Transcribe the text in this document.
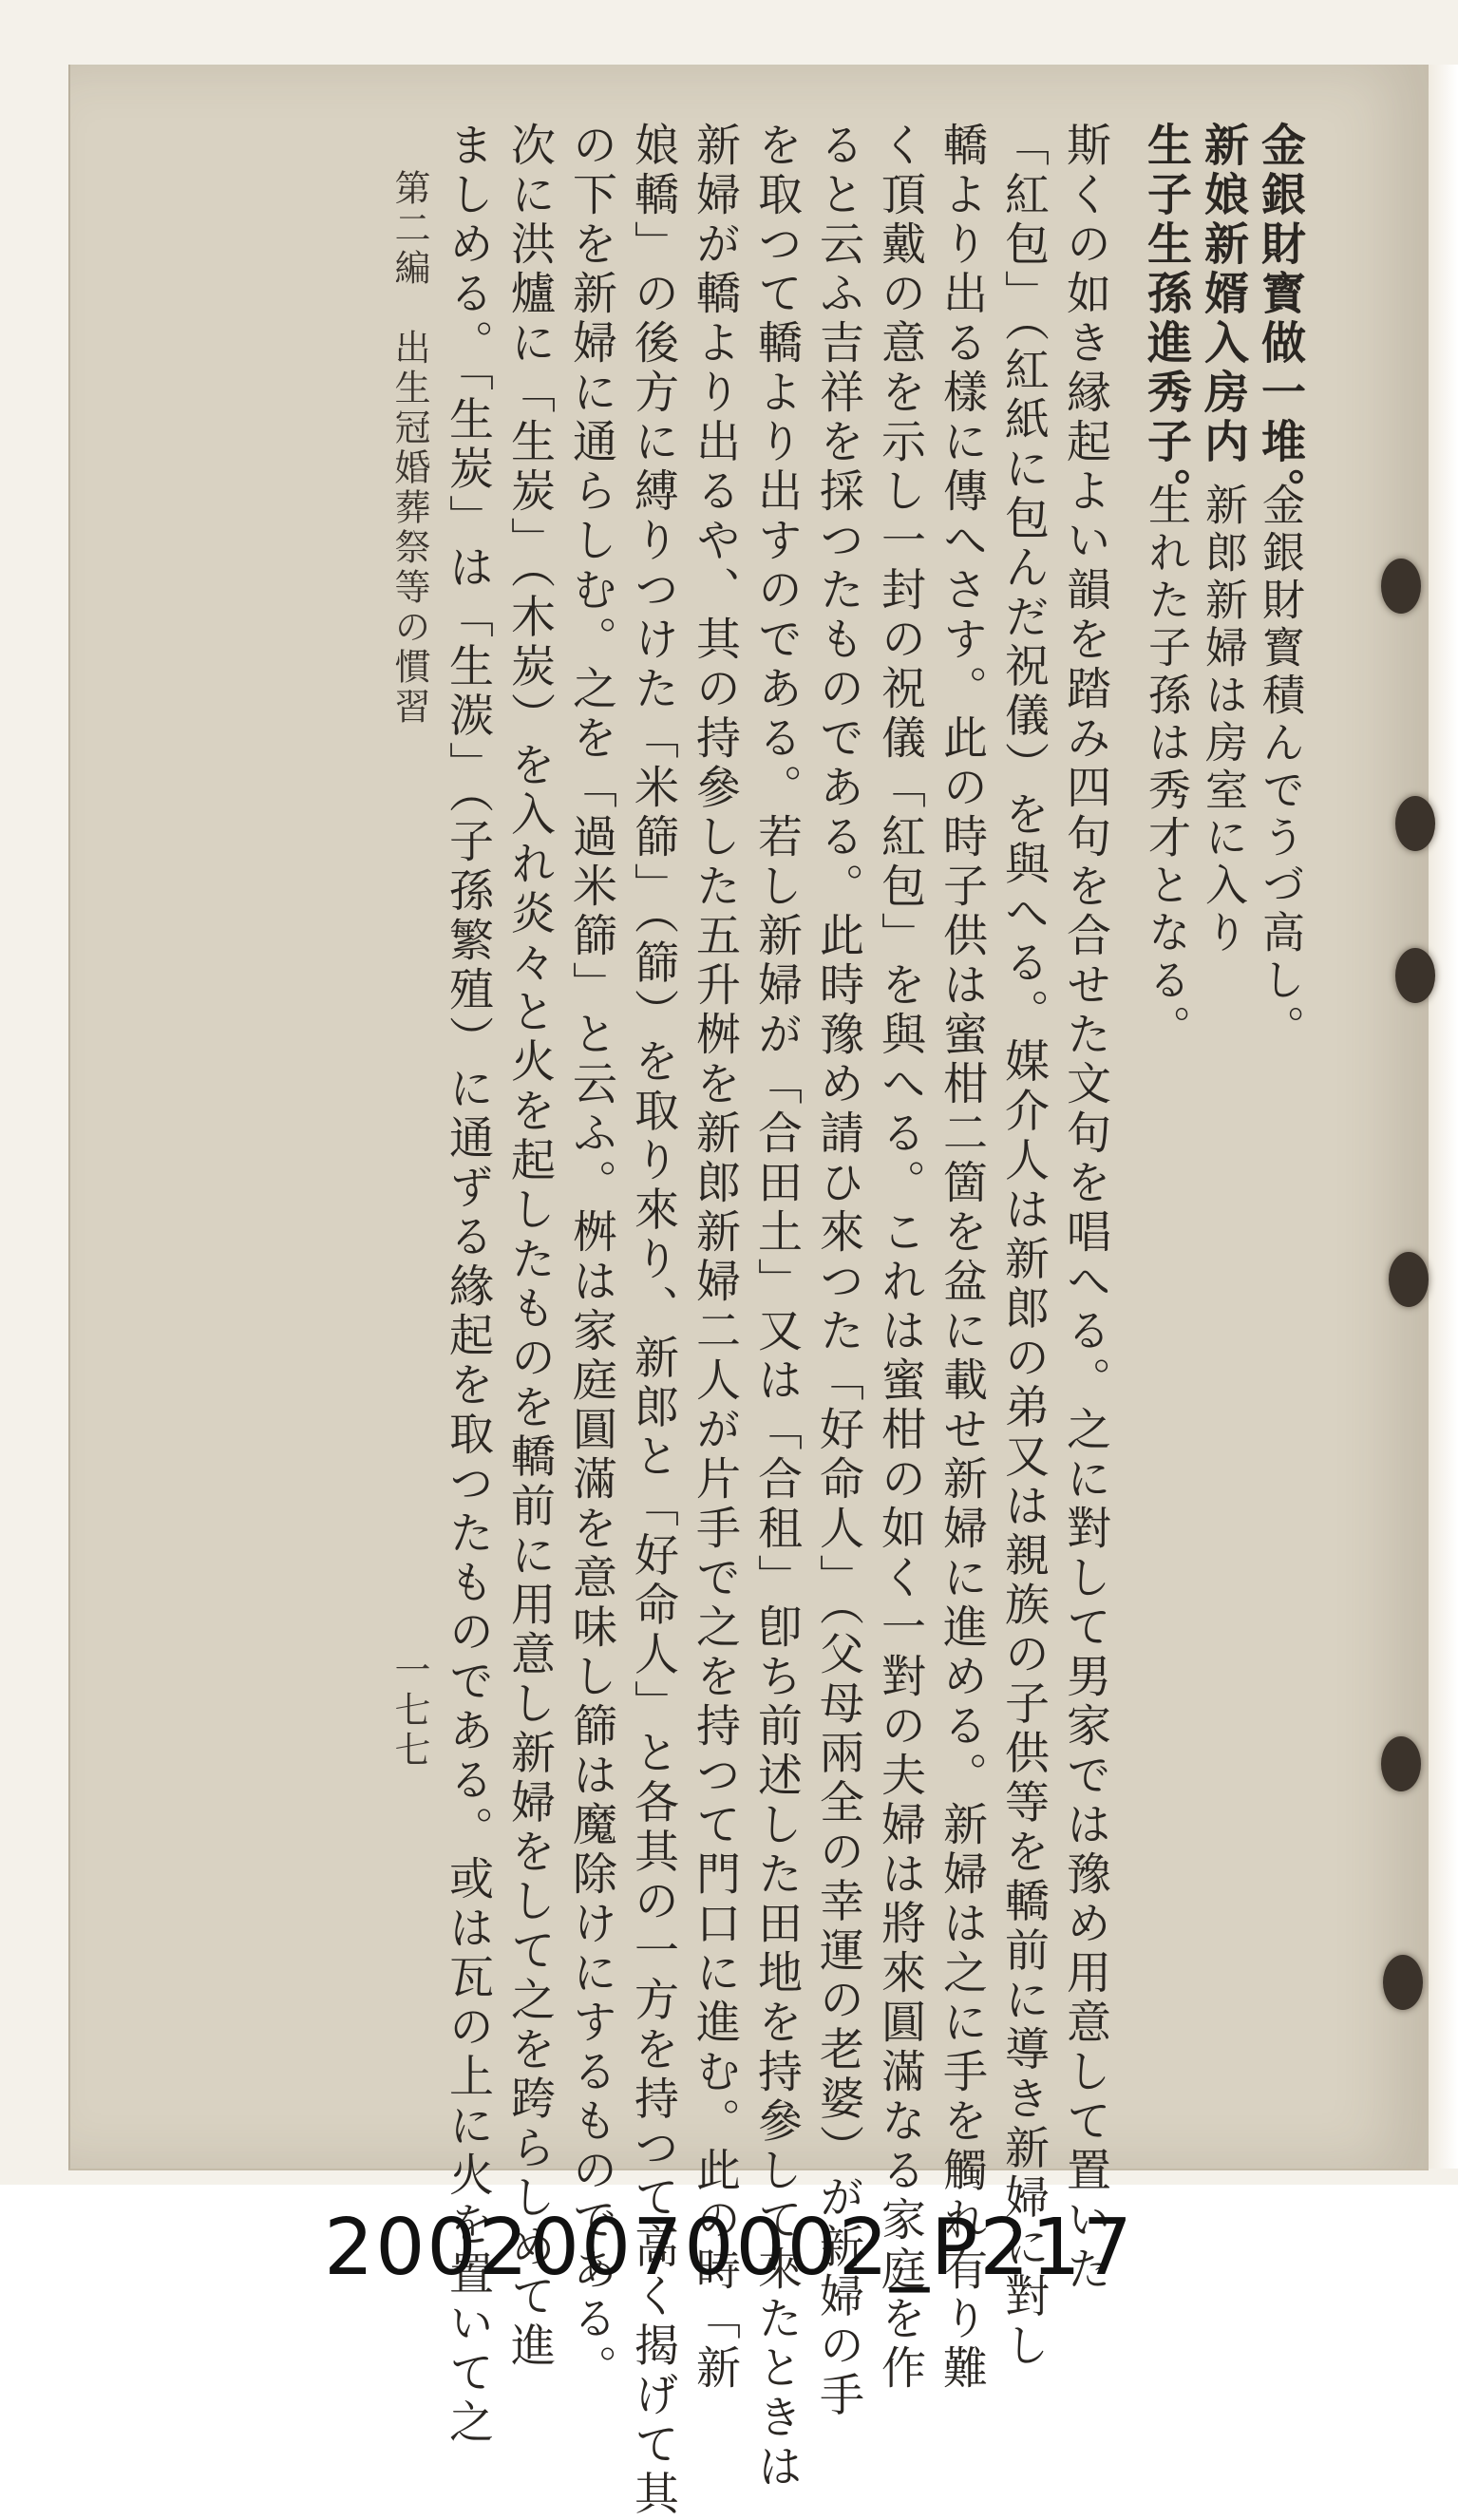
金銀財寳積んでうづ高し。
新郎新婦は房室に入り
生れた子孫は秀才となる。
金銀財寳做一堆。
新娘新婿入房内
生子生孫進秀子。
斯くの如き縁起よい韻を踏み四句を合せた文句を唱へる。之に對して男家では豫め用意して置いた
「紅包」（紅紙に包んだ祝儀）を與へる。媒介人は新郎の弟又は親族の子供等を轎前に導き新婦に對し
轎より出る樣に傳へさす。此の時子供は蜜柑二箇を盆に載せ新婦に進める。新婦は之に手を觸れ有り難
く頂戴の意を示し一封の祝儀「紅包」を與へる。これは蜜柑の如く一對の夫婦は將來圓滿なる家庭を作
ると云ふ吉祥を採つたものである。此時豫め請ひ來つた「好命人」（父母兩全の幸運の老婆）が新婦の手
を取つて轎より出すのである。若し新婦が「合田土」又は「合租」卽ち前述した田地を持參して來たときは
新婦が轎より出るや、其の持參した五升桝を新郎新婦二人が片手で之を持つて門口に進む。此の時「新
娘轎」の後方に縛りつけた「米篩」（篩）を取り來り、新郎と「好命人」と各其の一方を持つて高く揭げて其
の下を新婦に通らしむ。之を「過米篩」と云ふ。桝は家庭圓滿を意味し篩は魔除けにするものである。
次に洪爐に「生炭」（木炭）を入れ炎々と火を起したものを轎前に用意し新婦をして之を跨らしめて進
ましめる。「生炭」は「生湠」（子孫繁殖）に通ずる緣起を取つたものである。或は瓦の上に火を置いて之
第二編　出生冠婚葬祭等の慣習
一七七
20020070002_P217
